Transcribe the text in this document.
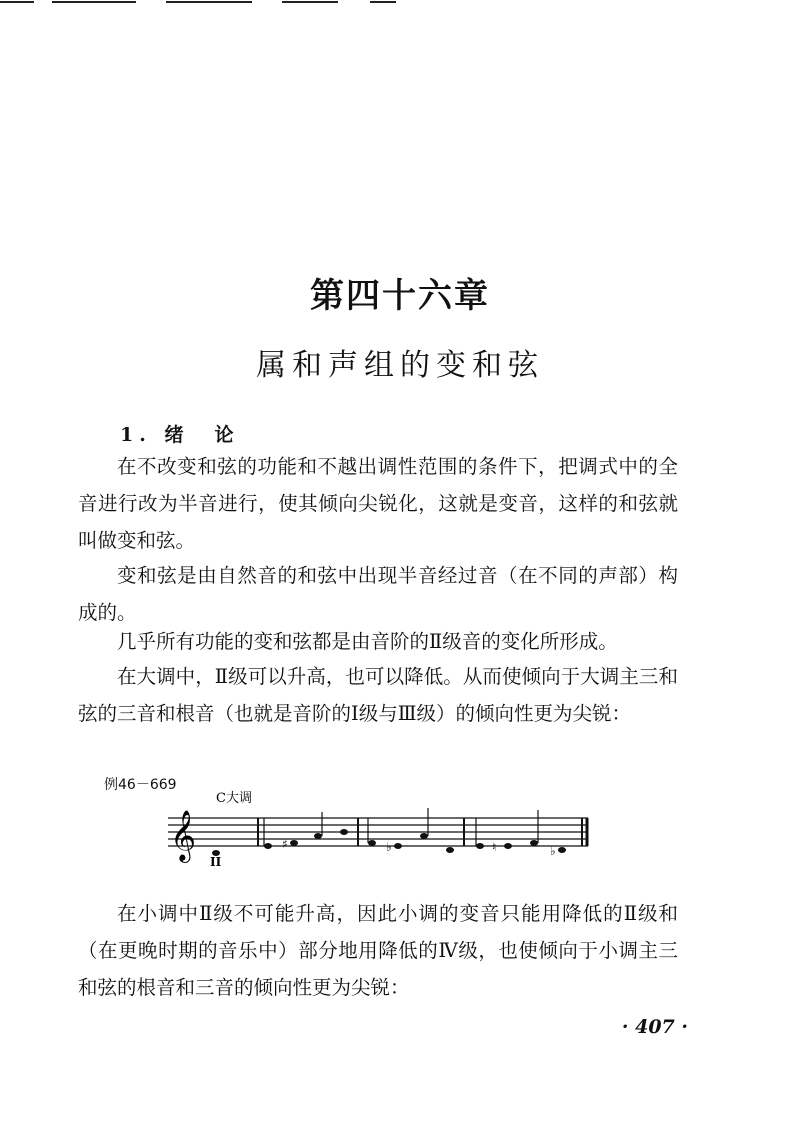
第四十六章
属和声组的变和弦
1. 绪　论

在不改变和弦的功能和不越出调性范围的条件下，把调式中的全音进行改为半音进行，使其倾向尖锐化，这就是变音，这样的和弦就叫做变和弦。

变和弦是由自然音的和弦中出现半音经过音（在不同的声部）构成的。

几乎所有功能的变和弦都是由音阶的Ⅱ级音的变化所形成。

在大调中，Ⅱ级可以升高，也可以降低。从而使倾向于大调主三和弦的三音和根音（也就是音阶的Ⅰ级与Ⅲ级）的倾向性更为尖锐：

例46－669
C大调
𝄞	♯	♭	♮	♭
II

在小调中Ⅱ级不可能升高，因此小调的变音只能用降低的Ⅱ级和（在更晚时期的音乐中）部分地用降低的Ⅳ级，也使倾向于小调主三和弦的根音和三音的倾向性更为尖锐：

· 407 ·
